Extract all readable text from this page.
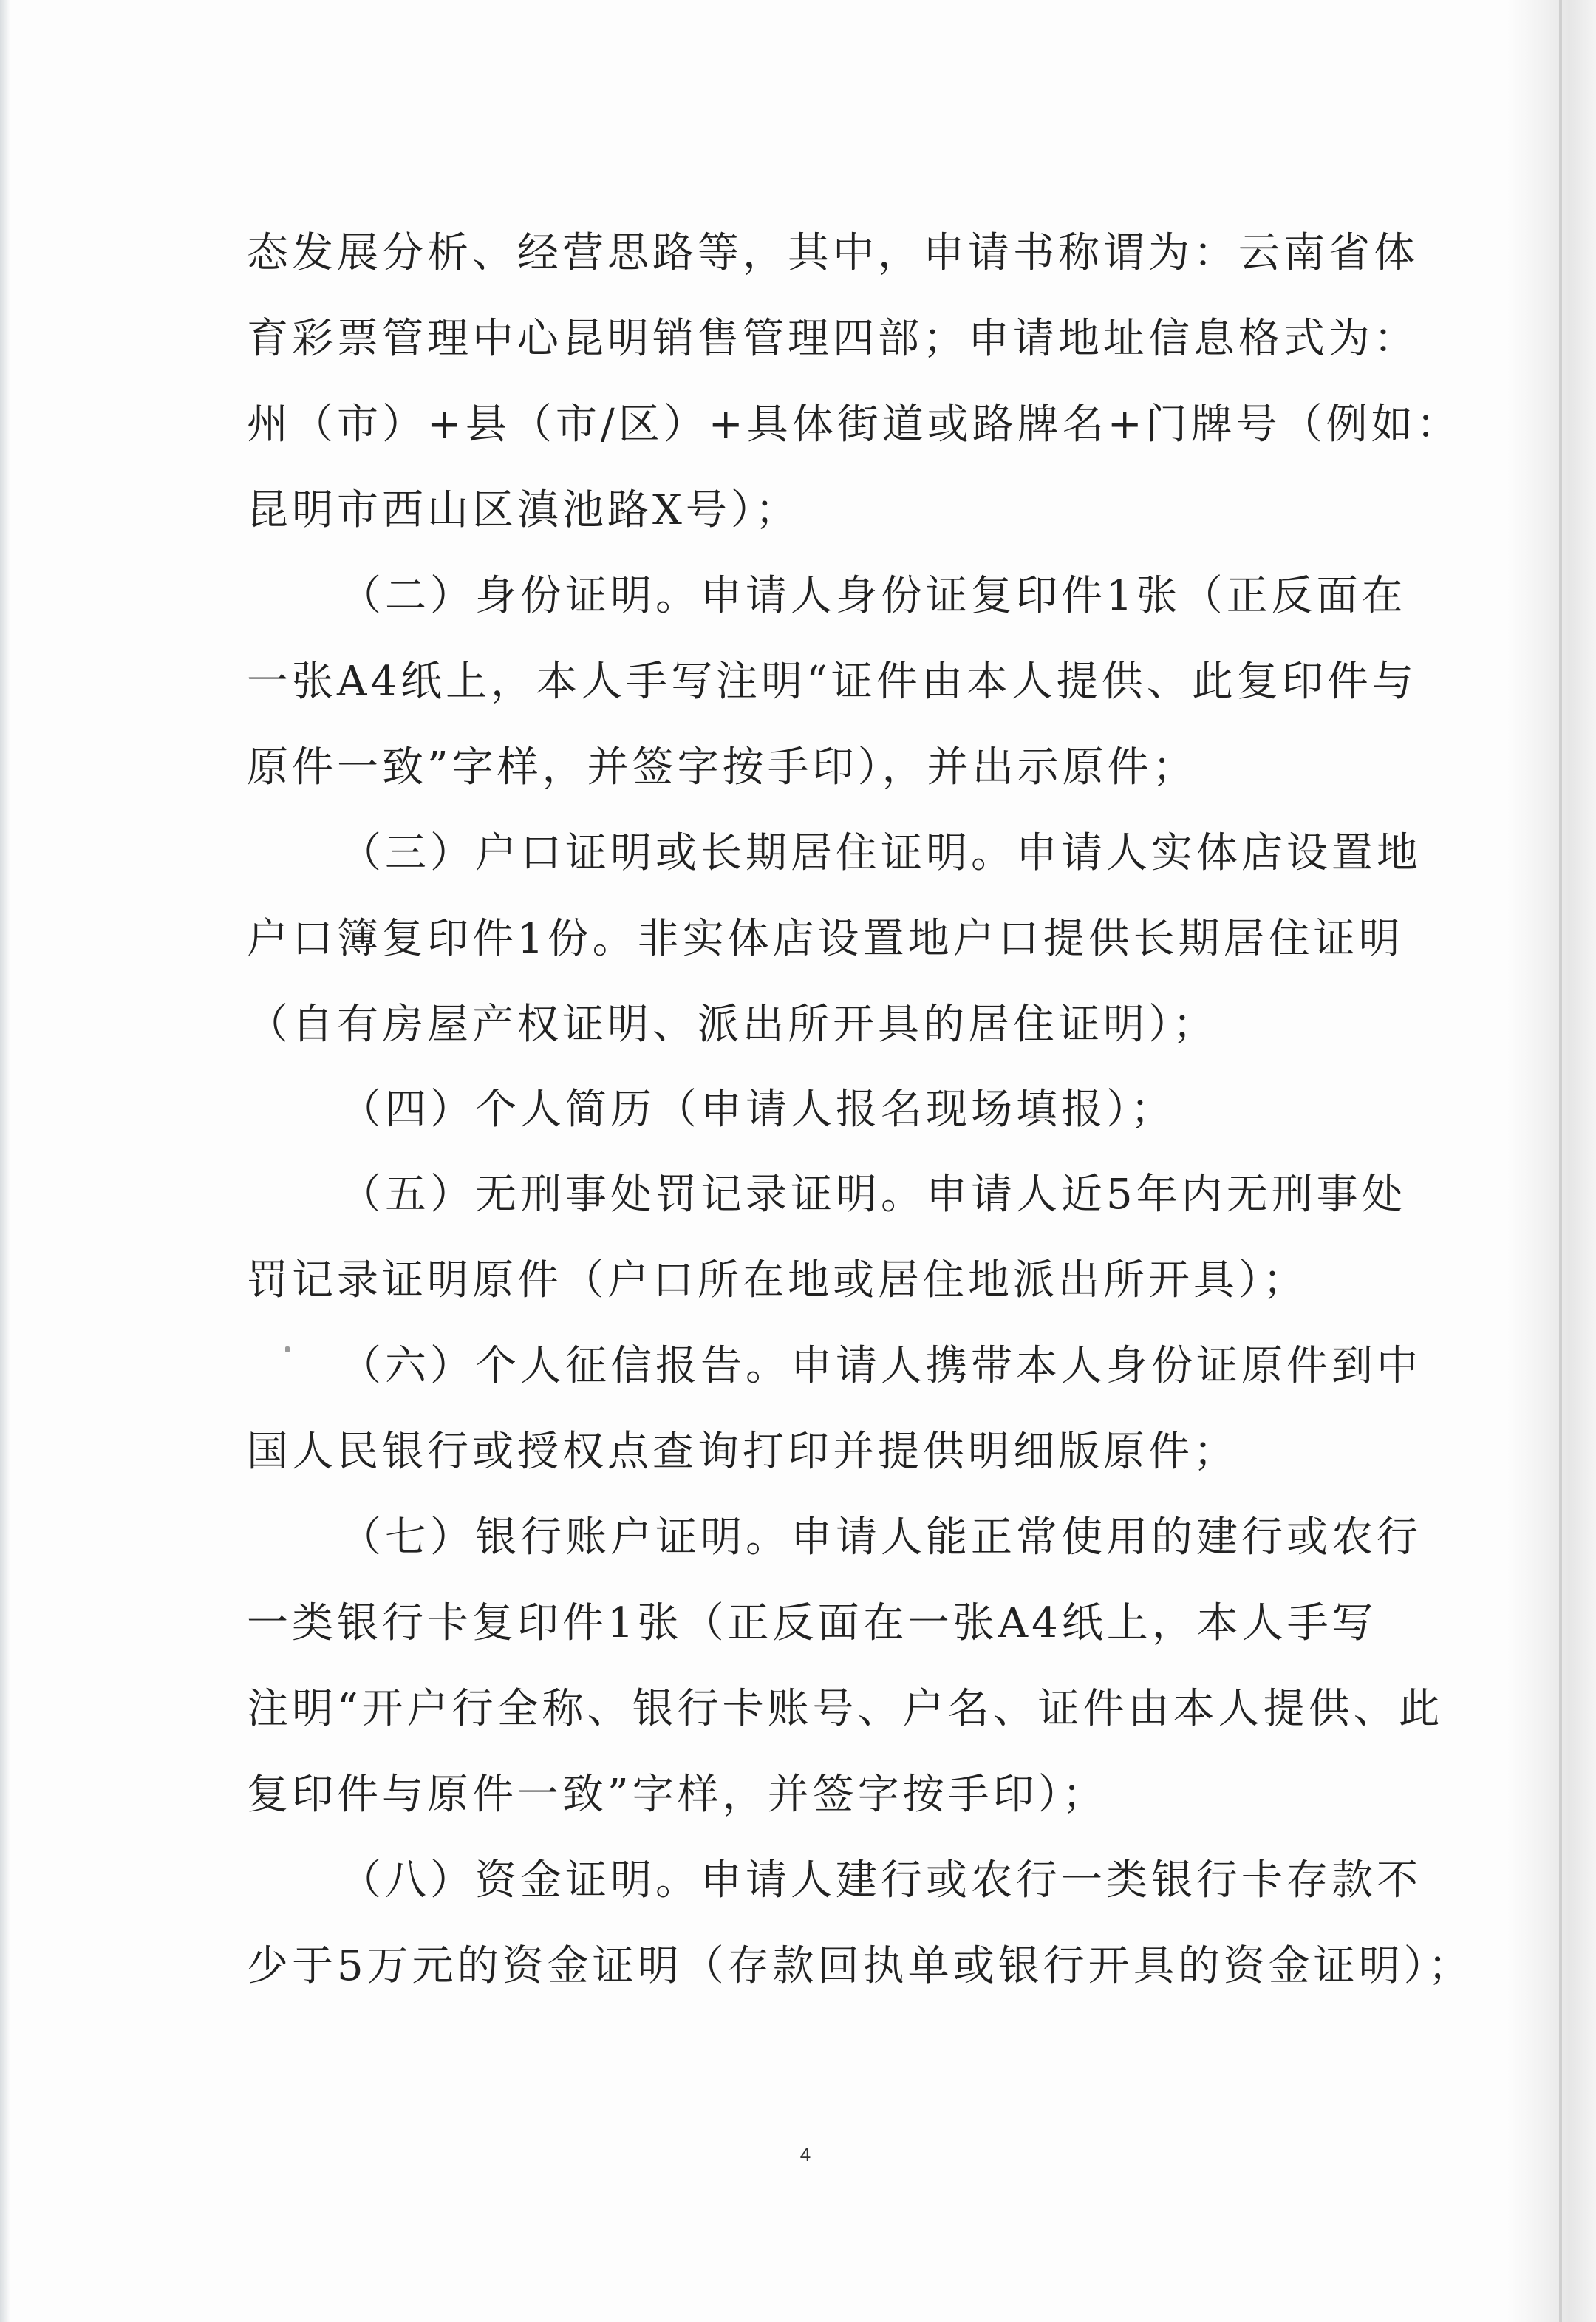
态发展分析、经营思路等，其中，申请书称谓为：云南省体
育彩票管理中心昆明销售管理四部；申请地址信息格式为：
州（市）+县（市/区）+具体街道或路牌名+门牌号（例如：
昆明市西山区滇池路X号）；
（二）身份证明。申请人身份证复印件1张（正反面在
一张A4纸上，本人手写注明“证件由本人提供、此复印件与
原件一致”字样，并签字按手印），并出示原件；
（三）户口证明或长期居住证明。申请人实体店设置地
户口簿复印件1份。非实体店设置地户口提供长期居住证明
（自有房屋产权证明、派出所开具的居住证明）；
（四）个人简历（申请人报名现场填报）；
（五）无刑事处罚记录证明。申请人近5年内无刑事处
罚记录证明原件（户口所在地或居住地派出所开具）；
（六）个人征信报告。申请人携带本人身份证原件到中
国人民银行或授权点查询打印并提供明细版原件；
（七）银行账户证明。申请人能正常使用的建行或农行
一类银行卡复印件1张（正反面在一张A4纸上，本人手写
注明“开户行全称、银行卡账号、户名、证件由本人提供、此
复印件与原件一致”字样，并签字按手印）；
（八）资金证明。申请人建行或农行一类银行卡存款不
少于5万元的资金证明（存款回执单或银行开具的资金证明）；
4
